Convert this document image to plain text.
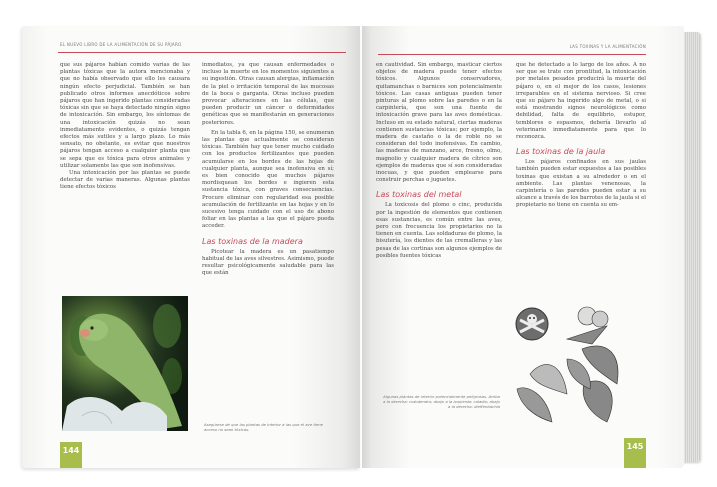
EL NUEVO LIBRO DE LA ALIMENTACIÓN DE SU PÁJARO

que sus pájaros habían comido varias de las plantas tóxicas que la autora mencionaba y que no había observado que ello les causara ningún efecto perjudicial. También se han publicado otros informes anecdóticos sobre pájaros que han ingerido plantas consideradas tóxicas sin que se haya detectado ningún signo de intoxicación. Sin embargo, los síntomas de una intoxicación quizás no sean inmediatamente evidentes, o quizás tengan efectos más sutiles y a largo plazo. Lo más sensato, no obstante, es evitar que nuestros pájaros tengan acceso a cualquier planta que se sepa que es tóxica para otros animales y utilizar solamente las que son inofensivas.

Una intoxicación por las plantas se puede detectar de varias maneras. Algunas plantas tiene efectos tóxicos

inmediatos, ya que causan enfermedades o incluso la muerte en los momentos siguientes a su ingestión. Otras causan alergias, inflamación de la piel o irritación temporal de las mucosas de la boca o garganta. Otras incluso pueden provocar alteraciones en las células, que pueden producir un cáncer o deformidades genéticas que se manifestarán en generaciones posteriores.

En la tabla 6, en la página 150, se enumeran las plantas que actualmente se consideran tóxicas. También hay que tener mucho cuidado con los productos fertilizantes que pueden acumularse en los bordes de las hojas de cualquier planta, aunque sea inofensiva en sí; es bien conocido que muchos pájaros mordisquean los bordes e ingieren esta sustancia tóxica, con graves consecuencias. Procure eliminar con regularidad esa posible acumulación de fertilizante en las hojas y en lo sucesivo tenga cuidado con el uso de abono foliar en las plantas a las que el pájaro pueda acceder.

Las toxinas de la madera

Picotear la madera es un pasatiempo habitual de las aves silvestres. Asimismo, puede resultar psicológicamente saludable para las que están

Asegúrese de que las plantas de interior a las que el ave tiene acceso no sean tóxicas.
144
LAS TOXINAS Y LA ALIMENTACIÓN

en cautividad. Sin embargo, masticar ciertos objetos de madera puede tener efectos tóxicos. Algunos conservadores, quitamanchas o barnices son potencialmente tóxicos. Las casas antiguas pueden tener pinturas al plomo sobre las paredes o en la carpintería, que son una fuente de intoxicación grave para las aves domésticas. Incluso en su estado natural, ciertas maderas contienen sustancias tóxicas; por ejemplo, la madera de castaño o la de roble no se consideran del todo inofensivas. En cambio, las maderas de manzano, arce, fresno, olmo, magnolio y cualquier madera de cítrico son ejemplos de maderas que sí son consideradas inocuas, y que pueden emplearse para construir perchas o juguetes.

Las toxinas del metal

La toxicosis del plomo o cinc, producida por la ingestión de elementos que contienen esas sustancias, es común entre las aves, pero con frecuencia los propietarios no la tienen en cuenta. Las soldaduras de plomo, la bisutería, los dientes de las cremalleras y las pesas de las cortinas son algunos ejemplos de posibles fuentes tóxicas

Algunas plantas de interior potencialmente peligrosas. Arriba a la derecha: rododendro; abajo a la izquierda: caladio; abajo a la derecha: dieffenbachia

que he detectado a lo largo de los años. A no ser que se trate con prontitud, la intoxicación por metales pesados producirá la muerte del pájaro o, en el mejor de los casos, lesiones irreparables en el sistema nervioso. Si cree que su pájaro ha ingerido algo de metal, o si está mostrando signos neurológicos como debilidad, falta de equilibrio, estupor, temblores o espasmos, debería llevarlo al veterinario inmediatamente para que lo reconozca.

Las toxinas de la jaula

Los pájaros confinados en sus jaulas también pueden estar expuestos a las posibles toxinas que existan a su alrededor o en el ambiente. Las plantas venenosas, la carpintería o las paredes pueden estar a su alcance a través de los barrotes de la jaula si el propietario no tiene en cuenta su em-

145
